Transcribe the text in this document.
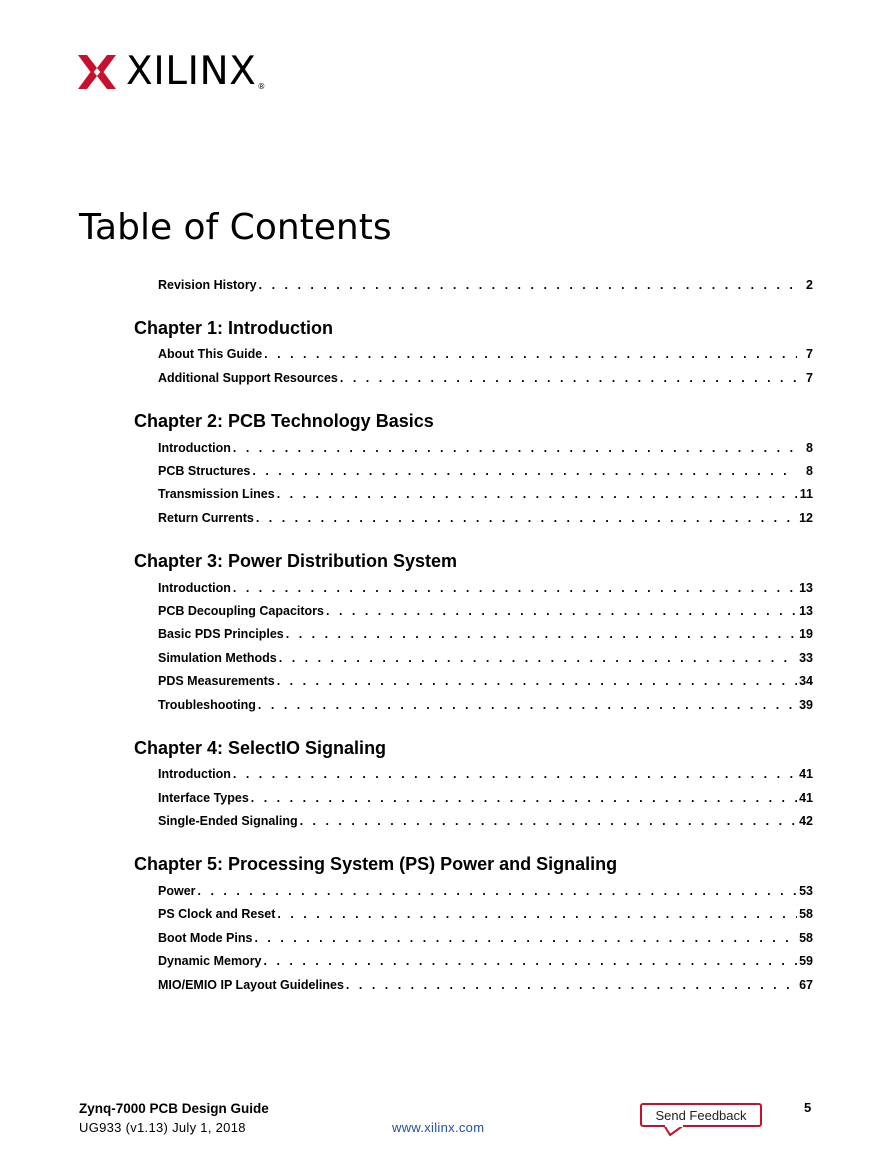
XILINX®
Table of Contents
Revision History . . .	2
Chapter 1: Introduction
About This Guide . . .	7
Additional Support Resources . . .	7
Chapter 2: PCB Technology Basics
Introduction . . .	8
PCB Structures . . .	8
Transmission Lines . . .	11
Return Currents . . .	12
Chapter 3: Power Distribution System
Introduction . . .	13
PCB Decoupling Capacitors . . .	13
Basic PDS Principles . . .	19
Simulation Methods . . .	33
PDS Measurements . . .	34
Troubleshooting . . .	39
Chapter 4: SelectIO Signaling
Introduction . . .	41
Interface Types . . .	41
Single-Ended Signaling . . .	42
Chapter 5: Processing System (PS) Power and Signaling
Power . . .	53
PS Clock and Reset . . .	58
Boot Mode Pins . . .	58
Dynamic Memory . . .	59
MIO/EMIO IP Layout Guidelines . . .	67
Zynq-7000 PCB Design Guide
UG933 (v1.13) July 1, 2018	www.xilinx.com
Send Feedback	5
